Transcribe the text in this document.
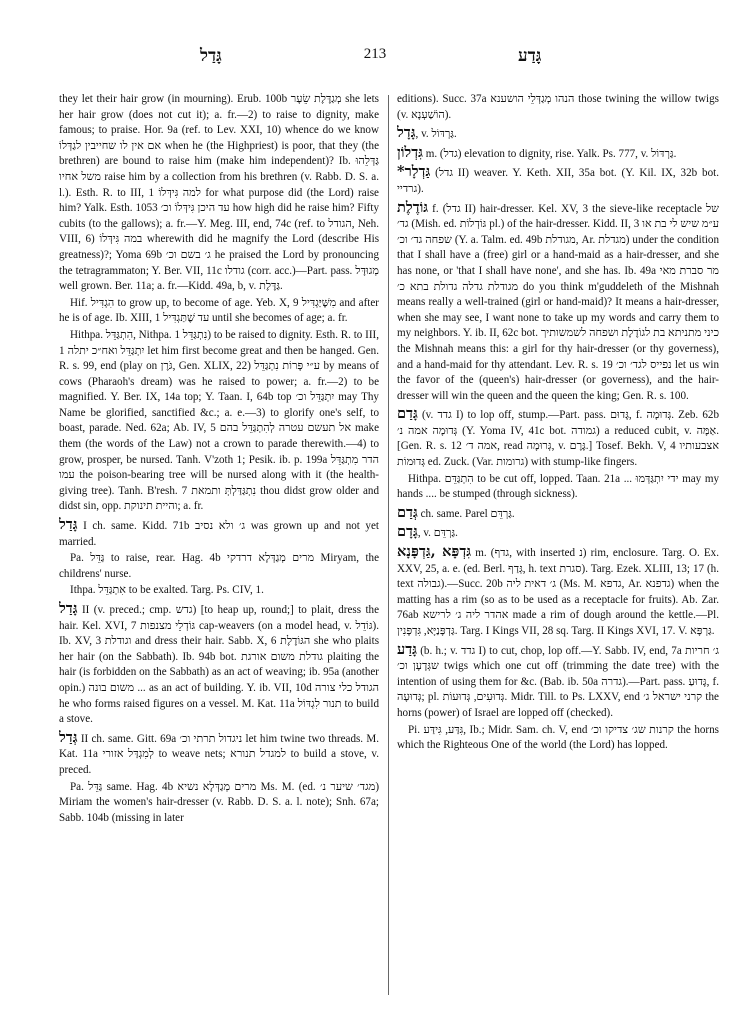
גָּדַל	213	גָּדַע

they let their hair grow (in mourning). Erub. 100b מְגַדֶּלֶת שֵׂעָר she lets her hair grow (does not cut it); a. fr.—2) to raise to dignity, make famous; to praise. Hor. 9a (ref. to Lev. XXI, 10) whence do we know אם אין לו שחייבין לגַדְּלוֹ when he (the Highpriest) is poor, that they (the brethren) are bound to raise him (make him independent)? Ib. גַּדְּלֵהוּ משל אחיו raise him by a collection from his brethren (v. Rabb. D. S. a. l.). Esth. R. to III, 1 למה גִּידְּלוֹ for what purpose did (the Lord) raise him? Yalk. Esth. 1053 עד היכן גִּידְּלוֹ וכ׳ how high did he raise him? Fifty cubits (to the gallows); a. fr.—Y. Meg. III, end, 74c (ref. to הגודל, Neh. VIII, 6) במה גִּידְּלוֹ wherewith did he magnify the Lord (describe His greatness)?; Yoma 69b ג׳ בשם וכ׳ he praised the Lord by pronouncing the tetragrammaton; Y. Ber. VII, 11c גודלו (corr. acc.)—Part. pass. מְגוּדָּל well grown. Ber. 11a; a. fr.—Kidd. 49a, b, v. גַּדֶּלֶת.

Hif. הִגְדִּיל to grow up, to become of age. Yeb. X, 9 מִשֶּׁיַּגְדִּיל and after he is of age. Ib. XIII, 1 עד שֶׁתַּגְדִּיל until she becomes of age; a. fr.

Hithpa. הִתְגַּדֵּל, Nithpa. נִתְגַּדֵּל 1) to be raised to dignity. Esth. R. to III, 1 יִתְגַּדֵּל ואח״כ יתלה let him first become great and then be hanged. Gen. R. s. 99, end (play on גֹּרֶן, Gen. XLIX, 22) ע״י פָּרוֹת נִתְגַּדֵּל by means of cows (Pharaoh's dream) was he raised to power; a. fr.—2) to be magnified. Y. Ber. IX, 14a top; Y. Taan. I, 64b top יִתְגַּדֵּל וכ׳ may Thy Name be glorified, sanctified &c.; a. e.—3) to glorify one's self, to boast, parade. Ned. 62a; Ab. IV, 5 אל תעשם עטרה לְהִתְגַּדֵּל בהם make them (the words of the Law) not a crown to parade therewith.—4) to grow, prosper, be nursed. Tanh. V'zoth 1; Pesik. ib. p. 199a הדר מִתְגַּדֵּל עמו the poison-bearing tree will be nursed along with it (the health-giving tree). Tanh. B'resh. 7 נִתְגַּדַּלְתְּ ותמאת thou didst grow older and didst sin, opp. והיית תינוקת; a. fr.

גָּדַל I ch. same. Kidd. 71b ג׳ ולא נסיב was grown up and not yet married.

Pa. גַּדֵּל to raise, rear. Hag. 4b מרים מְגַדְּלָא דרדקי Miryam, the childrens' nurse.

Ithpa. אִתְגַּדֵּל to be exalted. Targ. Ps. CIV, 1.

גָּדַל II (v. preced.; cmp. גדש) [to heap up, round;] to plait, dress the hair. Kel. XVI, 7 גּוֹדְלֵי מצנפות cap-weavers (on a model head, v. גּוֹדֵל). Ib. XV, 3 וגודלת and dress their hair. Sabb. X, 6 הגּוֹדֶלֶת she who plaits her hair (on the Sabbath). Ib. 94b bot. גודלת משום אורגת plaiting the hair (is forbidden on the Sabbath) as an act of weaving; ib. 95a (another opin.) משום בונה ... as an act of building. Y. ib. VII, 10d הגודל כלי צורה he who forms raised figures on a vessel. M. Kat. 11a תנור לִגְדּוֹל to build a stove.

גְּדַל II ch. same. Gitt. 69a ניגדול תרתי וכ׳ let him twine two threads. M. Kat. 11a לְמִגְדַּל אזורי to weave nets; למגדל תנורא to build a stove, v. preced.

Pa. גַּדֵּל same. Hag. 4b מרים מְגַדְּלָא נשיא Ms. M. (ed. מגד׳ שיער נ׳) Miriam the women's hair-dresser (v. Rabb. D. S. a. l. note); Snh. 67a; Sabb. 104b (missing in later

editions). Succ. 37a הנהו מְגַדְּלֵי הושענא those twining the willow twigs (v. הוֹשַׁעְנָא).

גָּדָל, v. גַּרְדּוֹל.

גִּדְלוֹן m. (גדל) elevation to dignity, rise. Yalk. Ps. 777, v. גַּרְדּוֹל.

*גַּדְלָר (גדל II) weaver. Y. Keth. XII, 35a bot. (Y. Kil. IX, 32b bot. גרדיי).

גּוֹדֶלֶת f. (גדל II) hair-dresser. Kel. XV, 3 the sieve-like receptacle של גד׳ (Mish. ed. גּוֹדְלוֹת pl.) of the hair-dresser. Kidd. II, 3 ע״מ שיש לי בת או שפחה גד׳ וכ׳ (Y. a. Talm. ed. 49b מגודלת, Ar. מגדלת) under the condition that I shall have a (free) girl or a hand-maid as a hair-dresser, and she has none, or 'that I shall have none', and she has. Ib. 49a מר סברת מאי מגודלת גדלה גדולת בתא כ׳ do you think m'guddeleth of the Mishnah means really a well-trained (girl or hand-maid)? It means a hair-dresser, when she may see, I want none to take up my words and carry them to my neighbors. Y. ib. II, 62c bot. כיני מתניתא בת לגוֹדֶלֶת ושפחה לשמשותיך the Mishnah means this: a girl for thy hair-dresser (or thy governess), and a hand-maid for thy attendant. Lev. R. s. 19 נפייס לגד׳ וכ׳ let us win the favor of the (queen's) hair-dresser (or governess), and the hair-dresser will win the queen and the queen the king; Gen. R. s. 100.

גָּדַם (v. גדד I) to lop off, stump.—Part. pass. גָּדוּם, f. גְּדוּמָה. Zeb. 62b גְּדוּמָה אמה נ׳ (Y. Yoma IV, 41c bot. גמודה) a reduced cubit, v. אַמָּה. [Gen. R. s. 12 אמה ד׳, read גְּרוּמָה, v. גֶּרֶם.] Tosef. Bekh. V, 4 אצבעותיו גְּדוּמוֹת ed. Zuck. (Var. גרומות) with stump-like fingers.

Hithpa. הִתְגַּדֵּם to be cut off, lopped. Taan. 21a ... ידי יִתְגַּדְּמוּ may my hands .... be stumped (through sickness).

גְּדַם ch. same. Parel גַּרְדֵּם.

גָּדָם, v. גַּרְדֵּם.

גִּדְפָּא ,גַּדְפָּנָא m. (גדף, with inserted נ) rim, enclosure. Targ. O. Ex. XXV, 25, a. e. (ed. Berl. גְּדַף, h. text סגרת). Targ. Ezek. XLIII, 13; 17 (h. text גבולה).—Succ. 20b ג׳ דאית ליה (Ms. M. גדפא, Ar. גדפנא) when the matting has a rim (so as to be used as a receptacle for fruits). Ab. Zar. 76ab אהדר ליה ג׳ לרישא made a rim of dough around the kettle.—Pl. גַּדְפָּנַיָּא, גִּדְפָּנִין. Targ. I Kings VII, 28 sq. Targ. II Kings XVI, 17. V. גַּרְפָּא.

גָּדַע (b. h.; v. גדד I) to cut, chop, lop off.—Y. Sabb. IV, end, 7a ג׳ חריות שגְּדָעָן וכ׳ twigs which one cut off (trimming the date tree) with the intention of using them for &c. (Bab. ib. 50a גדרה).—Part. pass. גָּדוּעַ, f. גְּדוּעָה; pl. גְּדוּעִים, גְּדוּעוֹת. Midr. Till. to Ps. LXXV, end קרני ישראל ג׳ the horns (power) of Israel are lopped off (checked).

Pi. גִּדַּע, גִּידַּע, Ib.; Midr. Sam. ch. V, end קרנות שג׳ צדיקו וכ׳ the horns which the Righteous One of the world (the Lord) has lopped.
